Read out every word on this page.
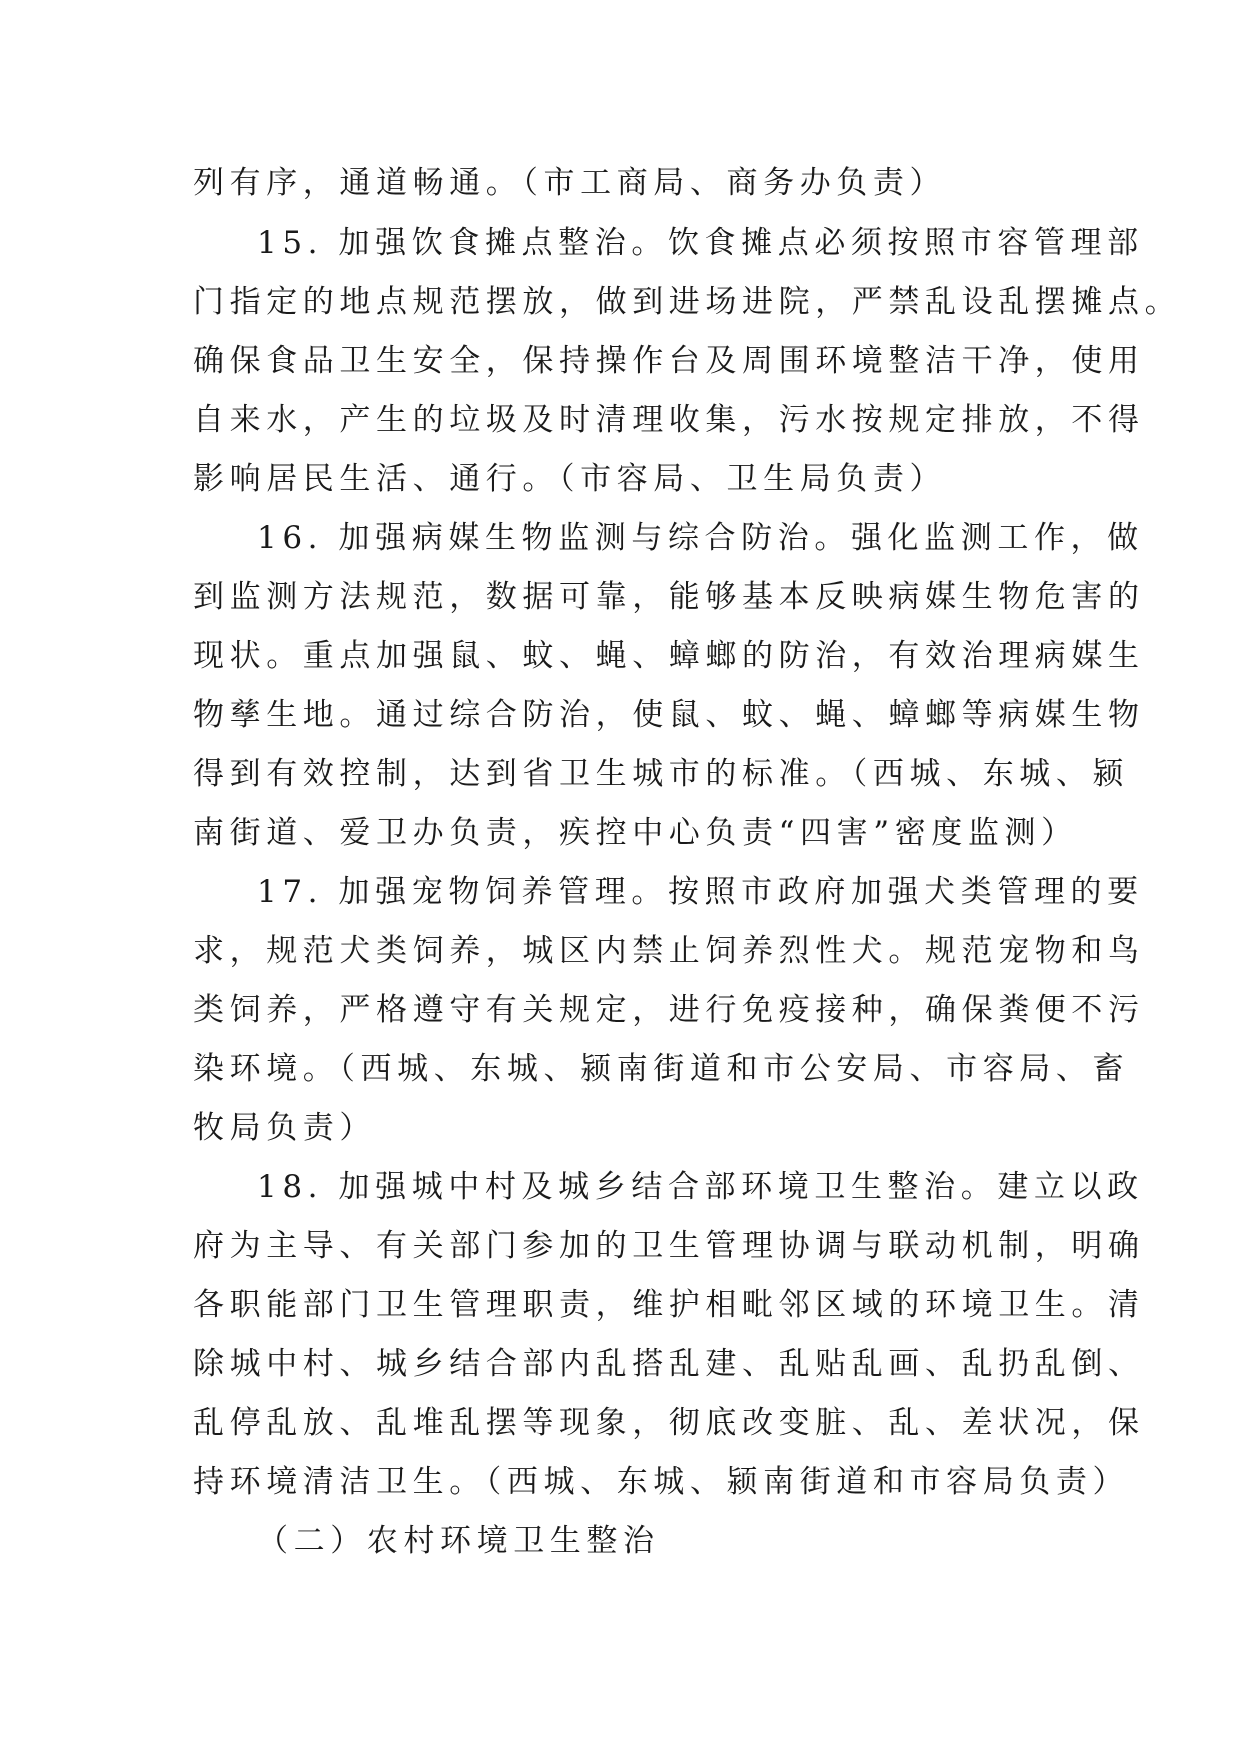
列有序，通道畅通。（市工商局、商务办负责）
15. 加强饮食摊点整治。饮食摊点必须按照市容管理部
门指定的地点规范摆放，做到进场进院，严禁乱设乱摆摊点。
确保食品卫生安全，保持操作台及周围环境整洁干净，使用
自来水，产生的垃圾及时清理收集，污水按规定排放，不得
影响居民生活、通行。（市容局、卫生局负责）
16. 加强病媒生物监测与综合防治。强化监测工作，做
到监测方法规范，数据可靠，能够基本反映病媒生物危害的
现状。重点加强鼠、蚊、蝇、蟑螂的防治，有效治理病媒生
物孳生地。通过综合防治，使鼠、蚊、蝇、蟑螂等病媒生物
得到有效控制，达到省卫生城市的标准。（西城、东城、颍
南街道、爱卫办负责，疾控中心负责“四害”密度监测）
17. 加强宠物饲养管理。按照市政府加强犬类管理的要
求，规范犬类饲养，城区内禁止饲养烈性犬。规范宠物和鸟
类饲养，严格遵守有关规定，进行免疫接种，确保粪便不污
染环境。（西城、东城、颍南街道和市公安局、市容局、畜
牧局负责）
18. 加强城中村及城乡结合部环境卫生整治。建立以政
府为主导、有关部门参加的卫生管理协调与联动机制，明确
各职能部门卫生管理职责，维护相毗邻区域的环境卫生。清
除城中村、城乡结合部内乱搭乱建、乱贴乱画、乱扔乱倒、
乱停乱放、乱堆乱摆等现象，彻底改变脏、乱、差状况，保
持环境清洁卫生。（西城、东城、颍南街道和市容局负责）
（二）农村环境卫生整治
